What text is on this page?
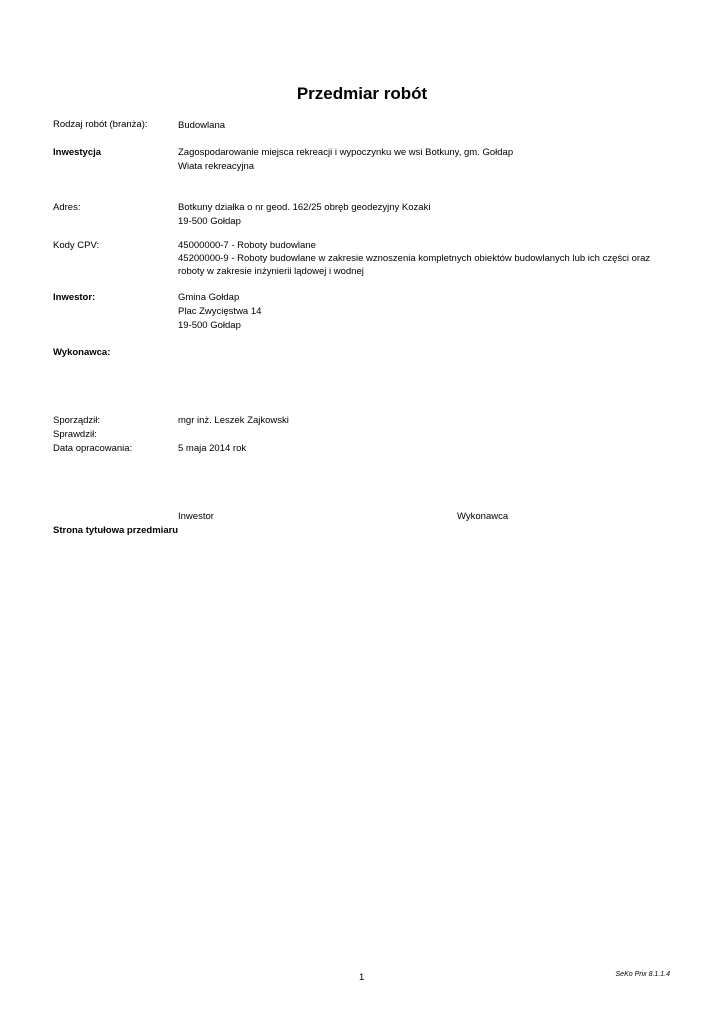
Przedmiar robót
Rodzaj robót (branża):	Budowlana
Inwestycja	Zagospodarowanie miejsca rekreacji i wypoczynku we wsi Botkuny, gm. Gołdap
Wiata rekreacyjna
Adres:	Botkuny działka o nr geod. 162/25 obręb geodezyjny Kozaki
19-500 Gołdap
Kody CPV:	45000000-7 - Roboty budowlane
45200000-9 - Roboty budowlane w zakresie wznoszenia kompletnych obiektów budowlanych lub ich części oraz
roboty w zakresie inżynierii lądowej i wodnej
Inwestor:	Gmina Gołdap
Plac Zwycięstwa 14
19-500 Gołdap
Wykonawca:
Sporządził:	mgr inż. Leszek Zajkowski
Sprawdził:
Data opracowania:	5 maja 2014 rok
Inwestor	Wykonawca
Strona tytułowa przedmiaru
1	SeKo Prix 8.1.1.4
